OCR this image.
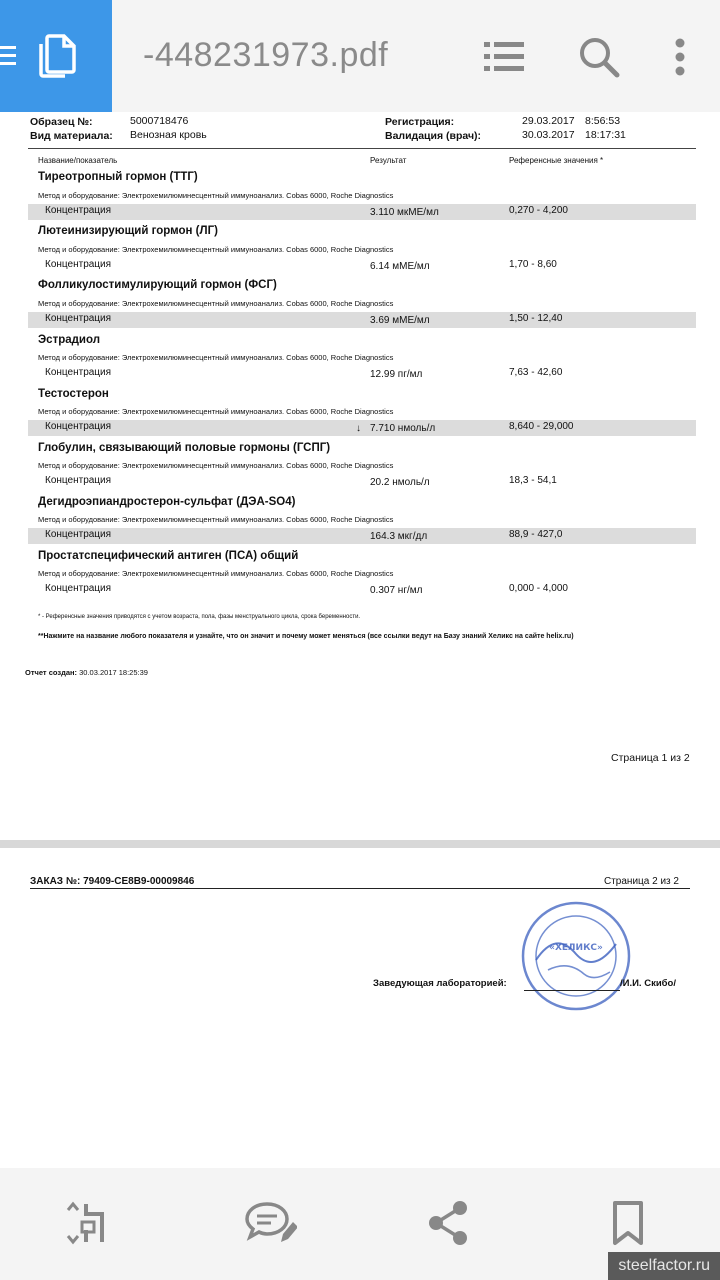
-448231973.pdf
Образец №:	5000718476
Вид материала: Венозная кровь
Регистрация:	29.03.2017 8:56:53
Валидация (врач):	30.03.2017 18:17:31
Название/показатель	Результат	Референсные значения *
Тиреотропный гормон (ТТГ)
Метод и оборудование: Электрохемилюминесцентный иммуноанализ. Cobas 6000, Roche Diagnostics
Концентрация	3.110 мкМЕ/мл	0,270 - 4,200
Лютеинизирующий гормон (ЛГ)
Метод и оборудование: Электрохемилюминесцентный иммуноанализ. Cobas 6000, Roche Diagnostics
Концентрация	6.14 мМЕ/мл	1,70 - 8,60
Фолликулостимулирующий гормон (ФСГ)
Метод и оборудование: Электрохемилюминесцентный иммуноанализ. Cobas 6000, Roche Diagnostics
Концентрация	3.69 мМЕ/мл	1,50 - 12,40
Эстрадиол
Метод и оборудование: Электрохемилюминесцентный иммуноанализ. Cobas 6000, Roche Diagnostics
Концентрация	12.99 пг/мл	7,63 - 42,60
Тестостерон
Метод и оборудование: Электрохемилюминесцентный иммуноанализ. Cobas 6000, Roche Diagnostics
Концентрация	↓ 7.710 нмоль/л	8,640 - 29,000
Глобулин, связывающий половые гормоны (ГСПГ)
Метод и оборудование: Электрохемилюминесцентный иммуноанализ. Cobas 6000, Roche Diagnostics
Концентрация	20.2 нмоль/л	18,3 - 54,1
Дегидроэпиандростерон-сульфат (ДЭА-SO4)
Метод и оборудование: Электрохемилюминесцентный иммуноанализ. Cobas 6000, Roche Diagnostics
Концентрация	164.3 мкг/дл	88,9 - 427,0
Простатспецифический антиген (ПСА) общий
Метод и оборудование: Электрохемилюминесцентный иммуноанализ. Cobas 6000, Roche Diagnostics
Концентрация	0.307 нг/мл	0,000 - 4,000
* - Референсные значения приводятся с учетом возраста, пола, фазы менструального цикла, срока беременности.
**Нажмите на название любого показателя и узнайте, что он значит и почему может меняться (все ссылки ведут на Базу знаний Хеликс на сайте helix.ru)
Отчет создан: 30.03.2017 18:25:39
Страница 1 из 2
ЗАКАЗ №: 79409-CE8B9-00009846	Страница 2 из 2
«ХЕЛИКС»
Заведующая лабораторией:	/И.И. Скибо/
steelfactor.ru
